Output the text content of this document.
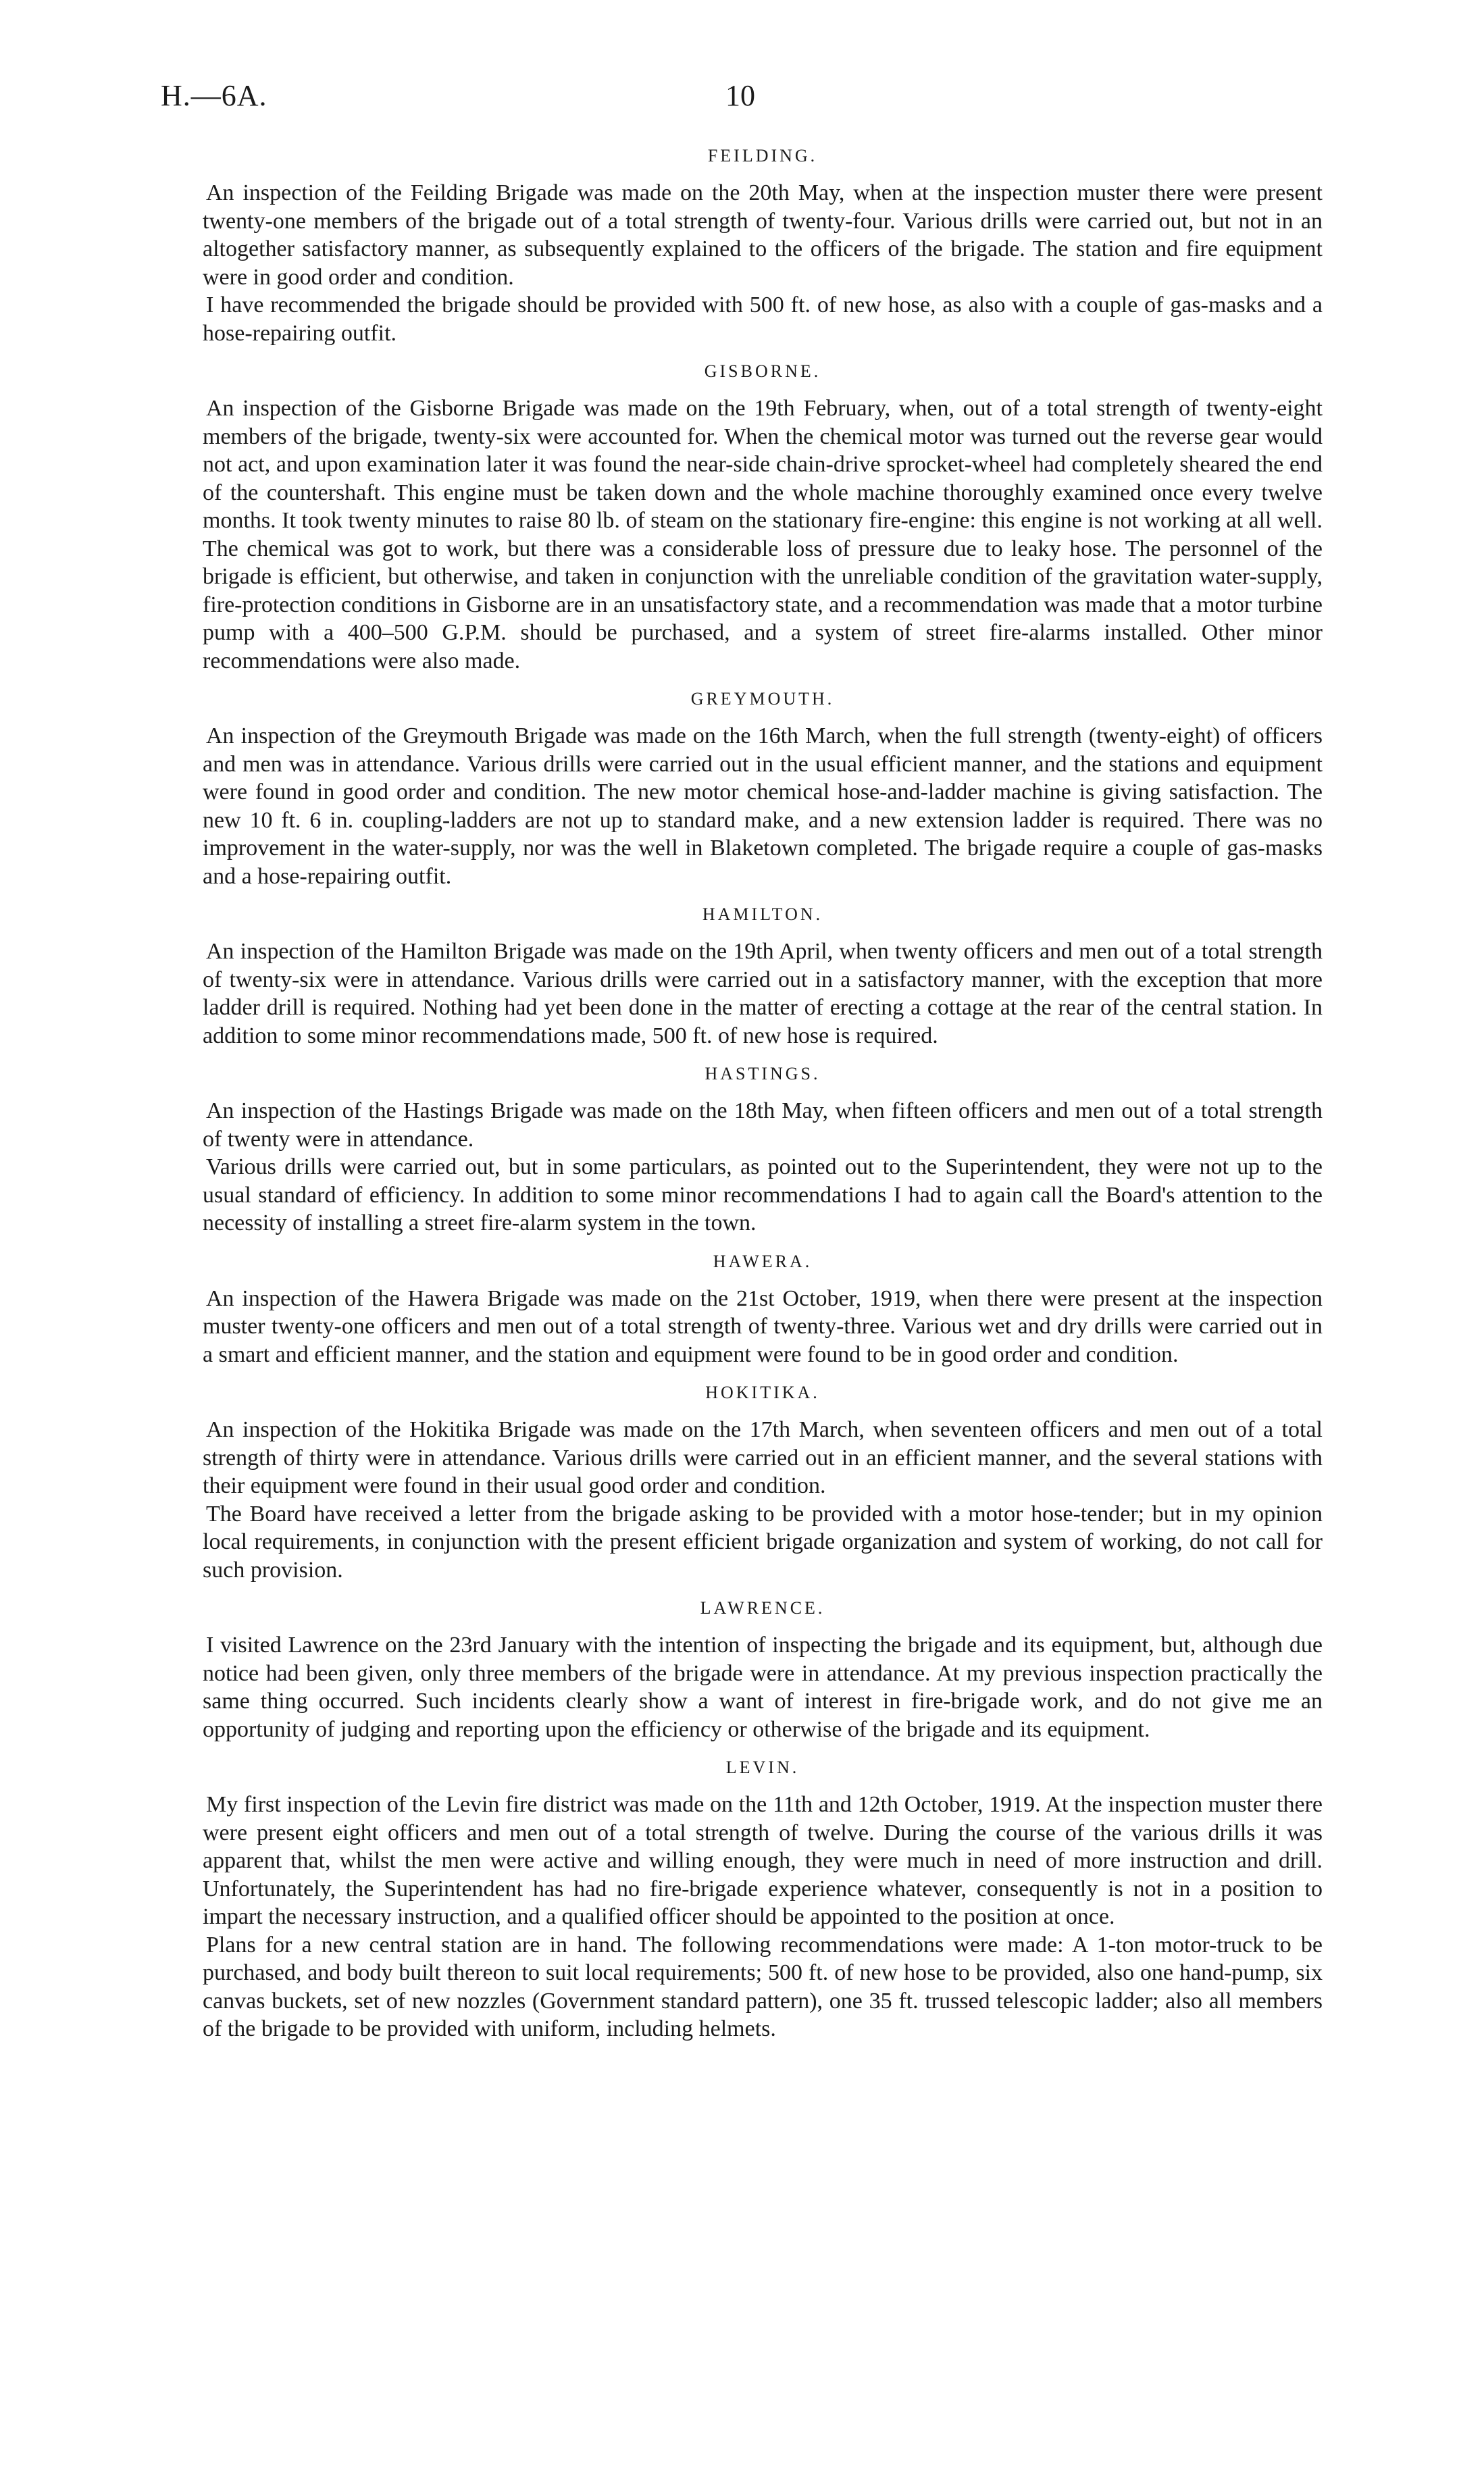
H.—6A.	10
FEILDING.

An inspection of the Feilding Brigade was made on the 20th May, when at the inspection muster there were present twenty-one members of the brigade out of a total strength of twenty-four. Various drills were carried out, but not in an altogether satisfactory manner, as subsequently explained to the officers of the brigade. The station and fire equipment were in good order and condition.

I have recommended the brigade should be provided with 500 ft. of new hose, as also with a couple of gas-masks and a hose-repairing outfit.

GISBORNE.

An inspection of the Gisborne Brigade was made on the 19th February, when, out of a total strength of twenty-eight members of the brigade, twenty-six were accounted for. When the chemical motor was turned out the reverse gear would not act, and upon examination later it was found the near-side chain-drive sprocket-wheel had completely sheared the end of the countershaft. This engine must be taken down and the whole machine thoroughly examined once every twelve months. It took twenty minutes to raise 80 lb. of steam on the stationary fire-engine: this engine is not working at all well. The chemical was got to work, but there was a considerable loss of pressure due to leaky hose. The personnel of the brigade is efficient, but otherwise, and taken in conjunction with the unreliable condition of the gravitation water-supply, fire-protection conditions in Gisborne are in an unsatisfactory state, and a recommendation was made that a motor turbine pump with a 400–500 G.P.M. should be purchased, and a system of street fire-alarms installed. Other minor recommendations were also made.

GREYMOUTH.

An inspection of the Greymouth Brigade was made on the 16th March, when the full strength (twenty-eight) of officers and men was in attendance. Various drills were carried out in the usual efficient manner, and the stations and equipment were found in good order and condition. The new motor chemical hose-and-ladder machine is giving satisfaction. The new 10 ft. 6 in. coupling-ladders are not up to standard make, and a new extension ladder is required. There was no improvement in the water-supply, nor was the well in Blaketown completed. The brigade require a couple of gas-masks and a hose-repairing outfit.

HAMILTON.

An inspection of the Hamilton Brigade was made on the 19th April, when twenty officers and men out of a total strength of twenty-six were in attendance. Various drills were carried out in a satisfactory manner, with the exception that more ladder drill is required. Nothing had yet been done in the matter of erecting a cottage at the rear of the central station. In addition to some minor recommendations made, 500 ft. of new hose is required.

HASTINGS.

An inspection of the Hastings Brigade was made on the 18th May, when fifteen officers and men out of a total strength of twenty were in attendance.

Various drills were carried out, but in some particulars, as pointed out to the Superintendent, they were not up to the usual standard of efficiency. In addition to some minor recommendations I had to again call the Board's attention to the necessity of installing a street fire-alarm system in the town.

HAWERA.

An inspection of the Hawera Brigade was made on the 21st October, 1919, when there were present at the inspection muster twenty-one officers and men out of a total strength of twenty-three. Various wet and dry drills were carried out in a smart and efficient manner, and the station and equipment were found to be in good order and condition.

HOKITIKA.

An inspection of the Hokitika Brigade was made on the 17th March, when seventeen officers and men out of a total strength of thirty were in attendance. Various drills were carried out in an efficient manner, and the several stations with their equipment were found in their usual good order and condition.

The Board have received a letter from the brigade asking to be provided with a motor hose-tender; but in my opinion local requirements, in conjunction with the present efficient brigade organization and system of working, do not call for such provision.

LAWRENCE.

I visited Lawrence on the 23rd January with the intention of inspecting the brigade and its equipment, but, although due notice had been given, only three members of the brigade were in attendance. At my previous inspection practically the same thing occurred. Such incidents clearly show a want of interest in fire-brigade work, and do not give me an opportunity of judging and reporting upon the efficiency or otherwise of the brigade and its equipment.

LEVIN.

My first inspection of the Levin fire district was made on the 11th and 12th October, 1919. At the inspection muster there were present eight officers and men out of a total strength of twelve. During the course of the various drills it was apparent that, whilst the men were active and willing enough, they were much in need of more instruction and drill. Unfortunately, the Superintendent has had no fire-brigade experience whatever, consequently is not in a position to impart the necessary instruction, and a qualified officer should be appointed to the position at once.

Plans for a new central station are in hand. The following recommendations were made: A 1-ton motor-truck to be purchased, and body built thereon to suit local requirements; 500 ft. of new hose to be provided, also one hand-pump, six canvas buckets, set of new nozzles (Government standard pattern), one 35 ft. trussed telescopic ladder; also all members of the brigade to be provided with uniform, including helmets.
